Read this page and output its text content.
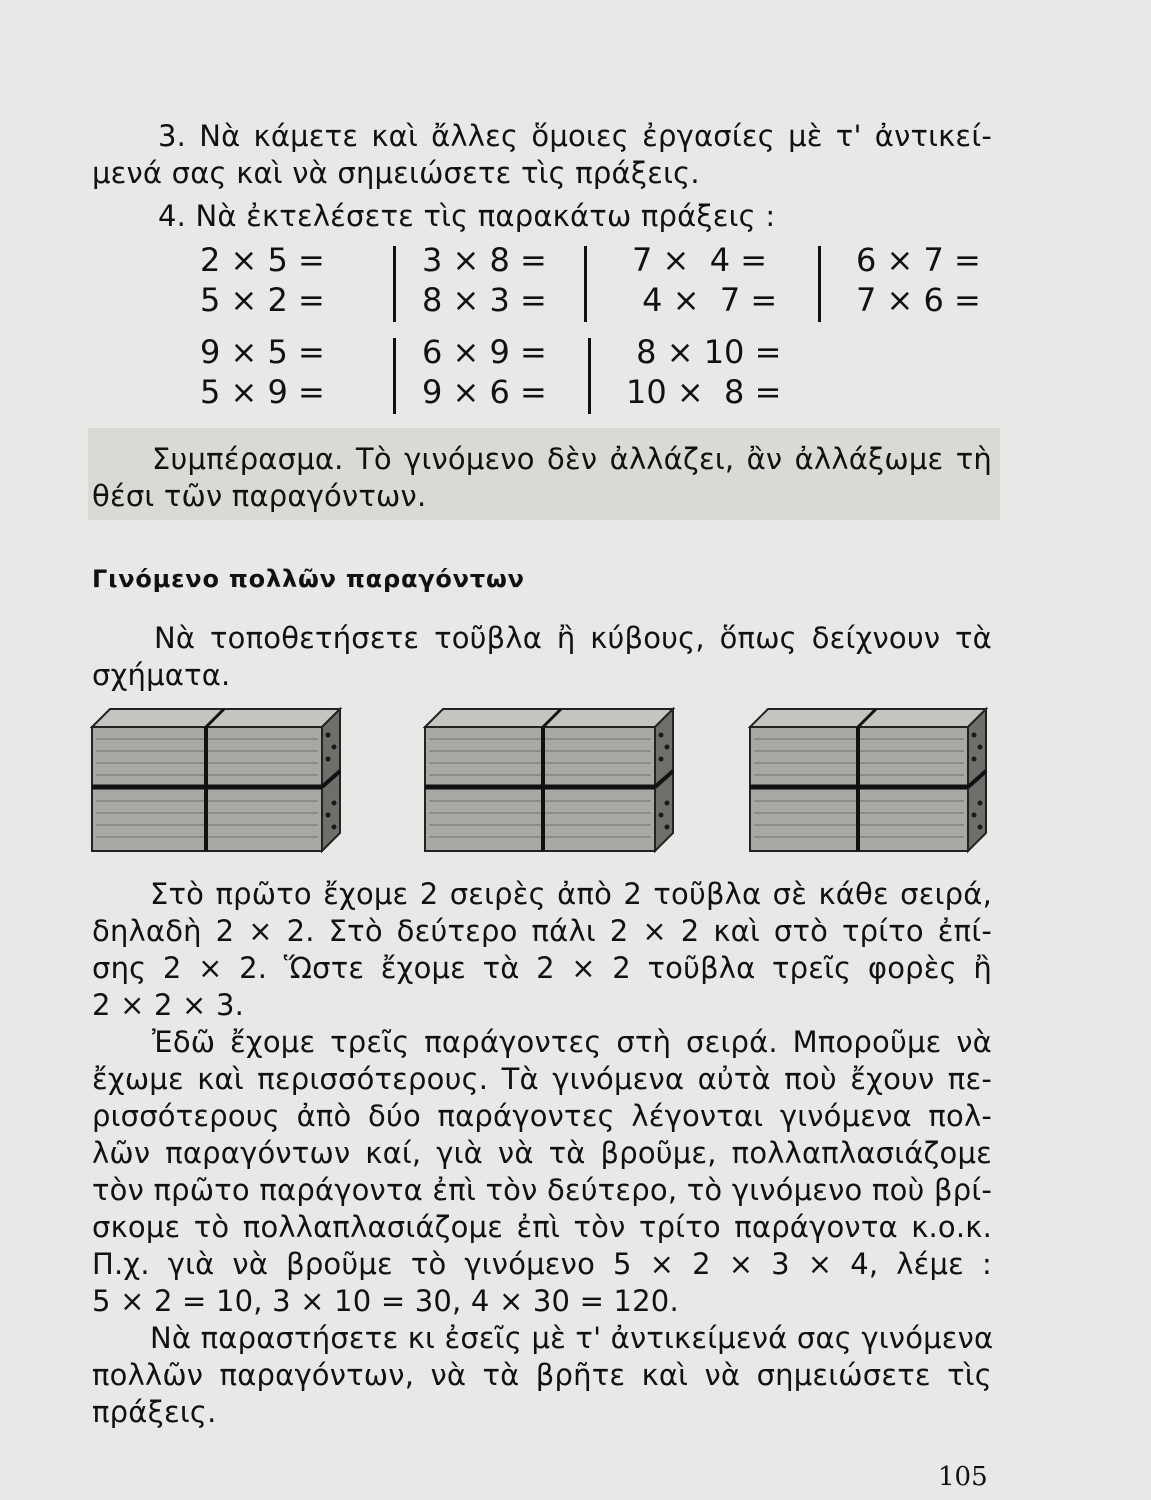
3. Νὰ κάμετε καὶ ἄλλες ὅμοιες ἐργασίες μὲ τ' ἀντικεί-
μενά σας καὶ νὰ σημειώσετε τὶς πράξεις.

4. Νὰ ἐκτελέσετε τὶς παρακάτω πράξεις :

2 × 5 =
5 × 2 =
3 × 8 =
8 × 3 =
7 ×  4 =
4 ×  7 =
6 × 7 =
7 × 6 =
9 × 5 =
5 × 9 =
6 × 9 =
9 × 6 =
8 × 10 =
10 ×  8 =

Συμπέρασμα. Τὸ γινόμενο δὲν ἀλλάζει, ἂν ἀλλάξωμε τὴ
θέσι τῶν παραγόντων.

Γινόμενο πολλῶν παραγόντων

Νὰ τοποθετήσετε τοῦβλα ἢ κύβους, ὅπως δείχνουν τὰ
σχήματα.

Στὸ πρῶτο ἔχομε 2 σειρὲς ἀπὸ 2 τοῦβλα σὲ κάθε σειρά,
δηλαδὴ 2 × 2. Στὸ δεύτερο πάλι 2 × 2 καὶ στὸ τρίτο ἐπί-
σης 2 × 2. Ὥστε ἔχομε τὰ 2 × 2 τοῦβλα τρεῖς φορὲς ἢ
2 × 2 × 3.

Ἐδῶ ἔχομε τρεῖς παράγοντες στὴ σειρά. Μποροῦμε νὰ
ἔχωμε καὶ περισσότερους. Τὰ γινόμενα αὐτὰ ποὺ ἔχουν πε-
ρισσότερους ἀπὸ δύο παράγοντες λέγονται γινόμενα πολ-
λῶν παραγόντων καί, γιὰ νὰ τὰ βροῦμε, πολλαπλασιάζομε
τὸν πρῶτο παράγοντα ἐπὶ τὸν δεύτερο, τὸ γινόμενο ποὺ βρί-
σκομε τὸ πολλαπλασιάζομε ἐπὶ τὸν τρίτο παράγοντα κ.ο.κ.
Π.χ. γιὰ νὰ βροῦμε τὸ γινόμενο 5 × 2 × 3 × 4, λέμε :
5 × 2 = 10, 3 × 10 = 30, 4 × 30 = 120.

Νὰ παραστήσετε κι ἐσεῖς μὲ τ' ἀντικείμενά σας γινόμενα
πολλῶν παραγόντων, νὰ τὰ βρῆτε καὶ νὰ σημειώσετε τὶς
πράξεις.

105
